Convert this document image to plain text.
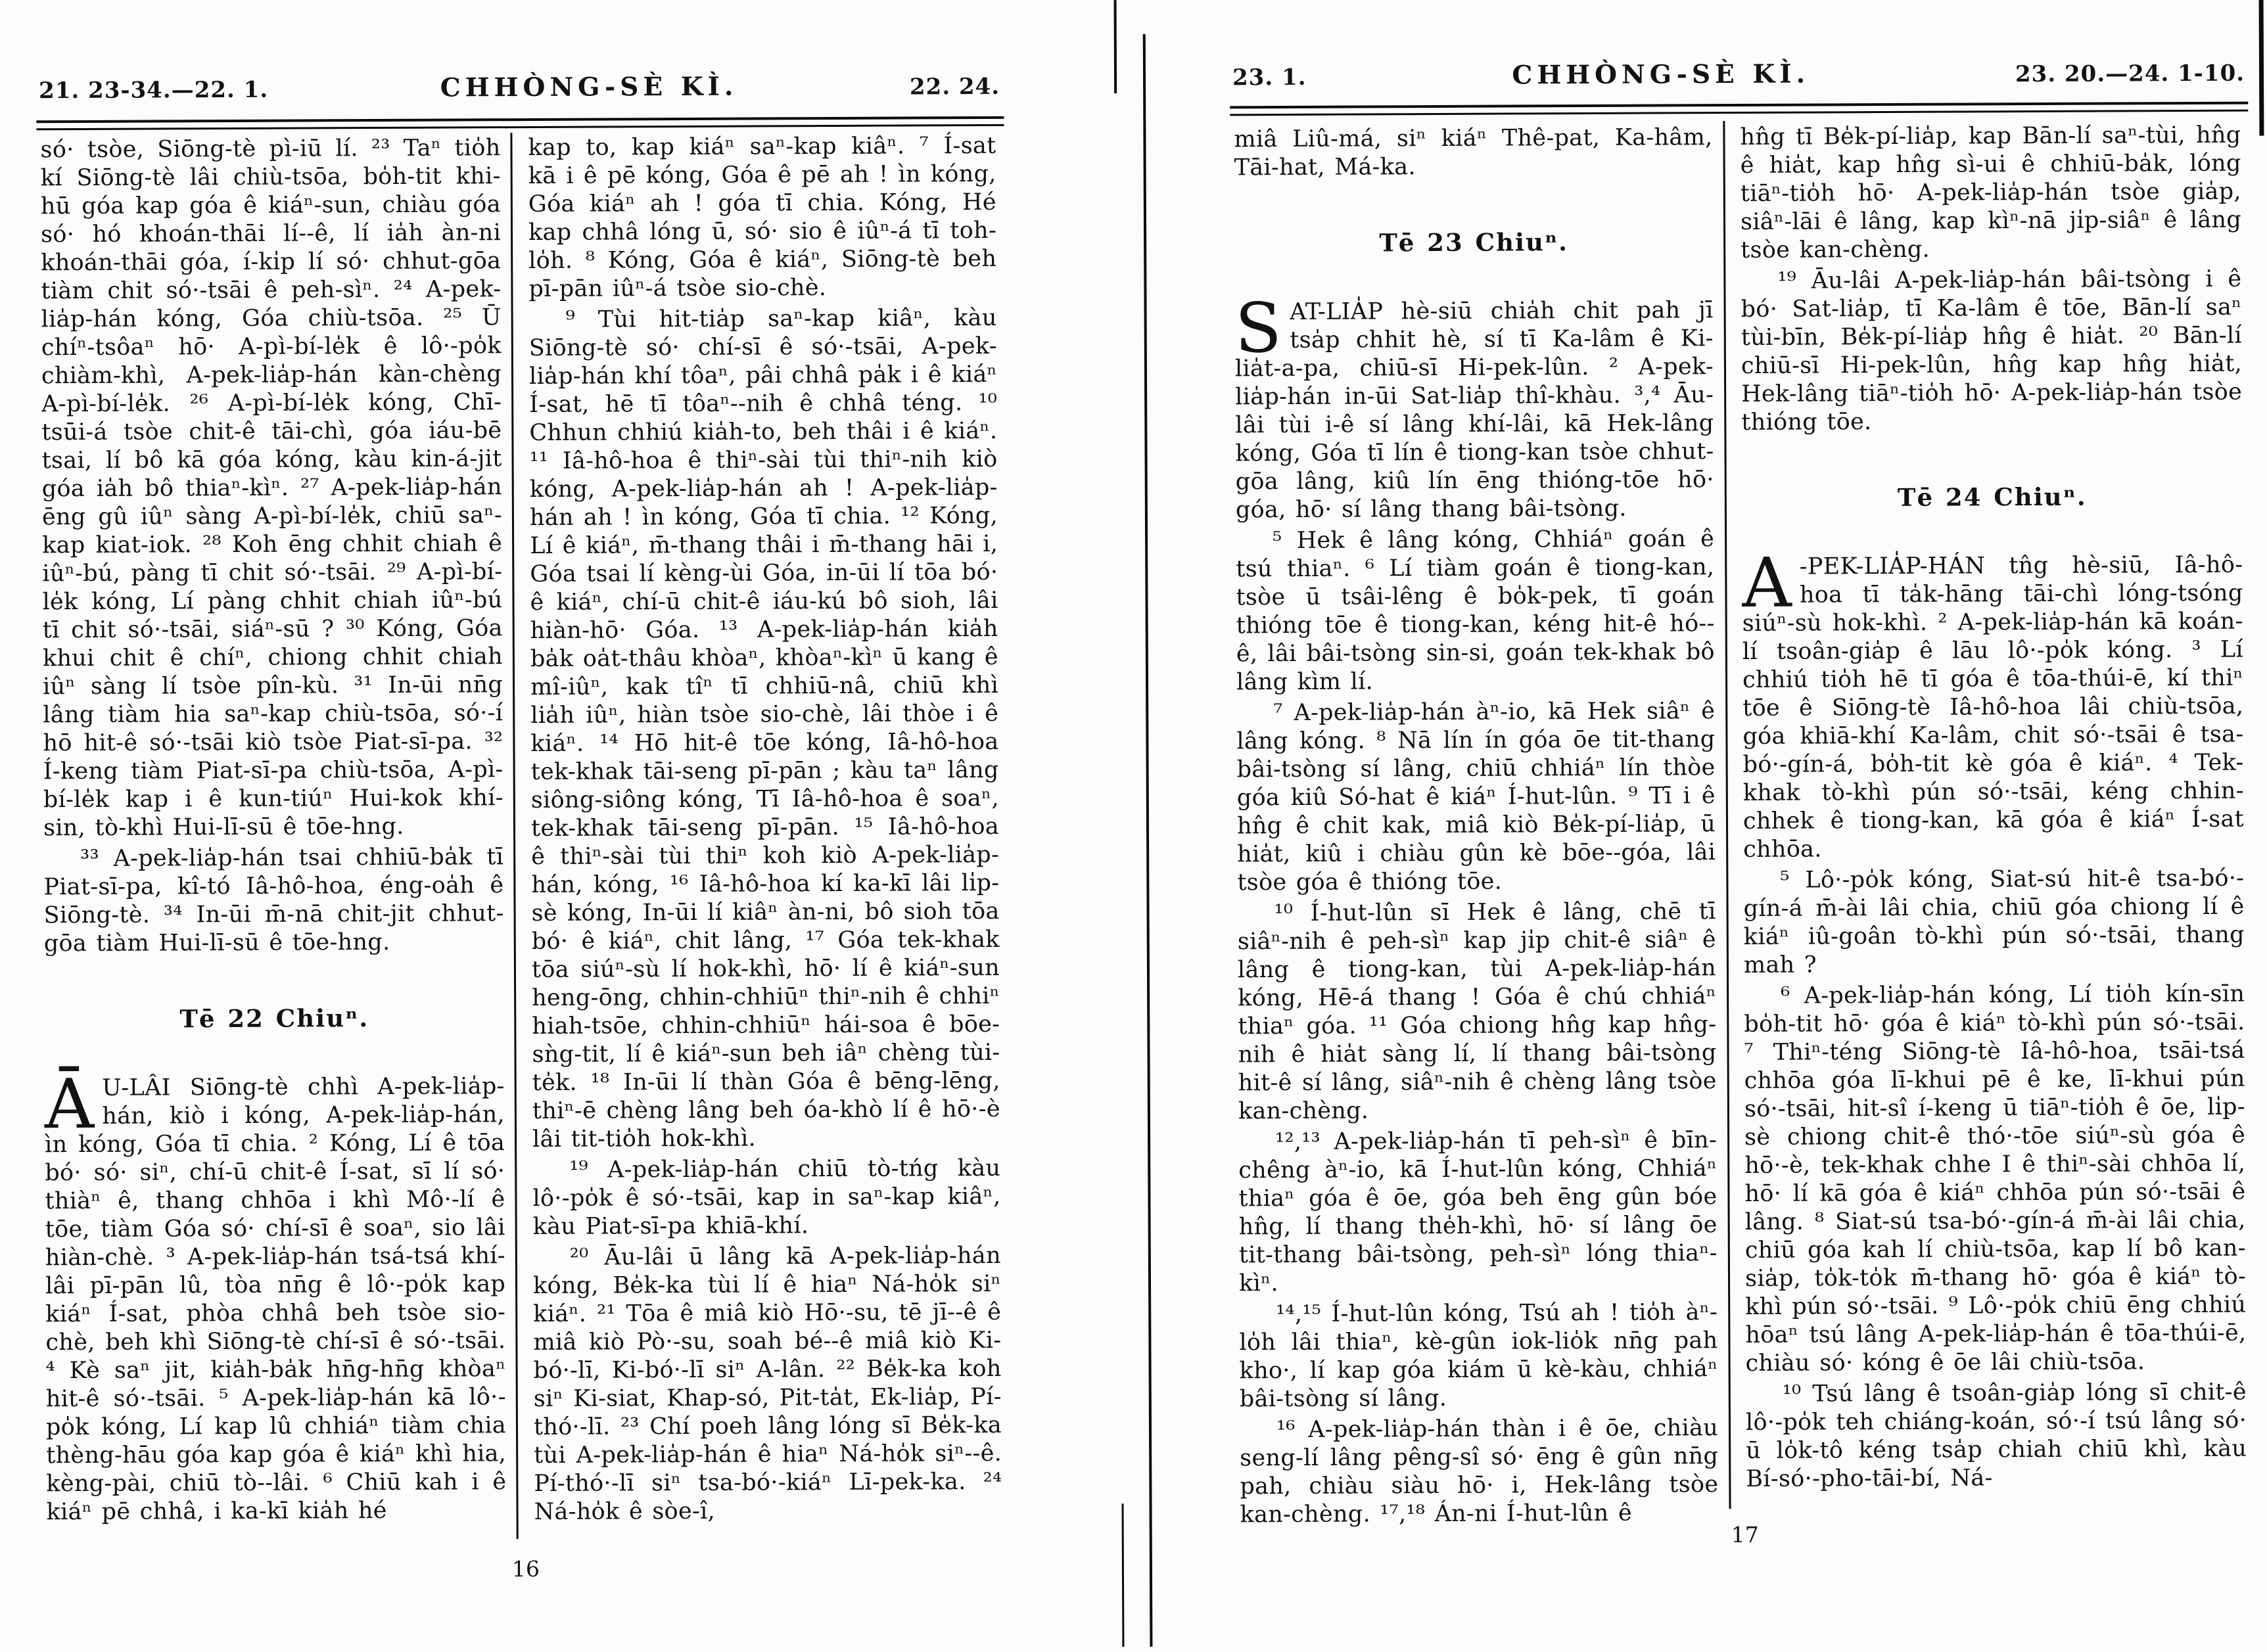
21. 23-34.—22. 1.	CHHÒNG-SÈ KÌ.	22. 24.	23. 1.	CHHÒNG-SÈ KÌ.	23. 20.—24. 1-10.

só· tsòe, Siōng-tè pì-iū lí. ²³ Taⁿ tio̍h kí Siōng-tè lâi chiù-tsōa, bo̍h-tit khi-hū góa kap góa ê kiáⁿ-sun, chiàu góa só· hó khoán-thāi lí--ê, lí ia̍h àn-ni khoán-thāi góa, í-ki̍p lí só· chhut-gōa tiàm chit só·-tsāi ê peh-sìⁿ. ²⁴ A-pek-lia̍p-hán kóng, Góa chiù-tsōa. ²⁵ Ū chíⁿ-tsôaⁿ hō· A-pì-bí-le̍k ê lô·-po̍k chiàm-khì, A-pek-lia̍p-hán kàn-chèng A-pì-bí-le̍k. ²⁶ A-pì-bí-le̍k kóng, Chī-tsūi-á tsòe chit-ê tāi-chì, góa iáu-bē tsai, lí bô kā góa kóng, kàu kin-á-jit góa ia̍h bô thiaⁿ-kìⁿ. ²⁷ A-pek-lia̍p-hán ēng gû iûⁿ sàng A-pì-bí-le̍k, chiū saⁿ-kap kiat-iok. ²⁸ Koh ēng chhit chiah ê iûⁿ-bú, pàng tī chit só·-tsāi. ²⁹ A-pì-bí-le̍k kóng, Lí pàng chhit chiah iûⁿ-bú tī chit só·-tsāi, siáⁿ-sū ? ³⁰ Kóng, Góa khui chit ê chíⁿ, chiong chhit chiah iûⁿ sàng lí tsòe pîn-kù. ³¹ In-ūi nn̄g lâng tiàm hia saⁿ-kap chiù-tsōa, só·-í hō hit-ê só·-tsāi kiò tsòe Piat-sī-pa. ³² Í-keng tiàm Piat-sī-pa chiù-tsōa, A-pì-bí-le̍k kap i ê kun-tiúⁿ Hui-kok khí-sin, tò-khì Hui-lī-sū ê tōe-hng.

³³ A-pek-lia̍p-hán tsai chhiū-ba̍k tī Piat-sī-pa, kî-tó Iâ-hô-hoa, éng-oa̍h ê Siōng-tè. ³⁴ In-ūi m̄-nā chit-jit chhut-gōa tiàm Hui-lī-sū ê tōe-hng.

Tē 22 Chiuⁿ.

Ā U-LÂI Siōng-tè chhì A-pek-lia̍p-hán, kiò i kóng, A-pek-lia̍p-hán, ìn kóng, Góa tī chia. ² Kóng, Lí ê tōa bó· só· siⁿ, chí-ū chit-ê Í-sat, sī lí só· thiàⁿ ê, thang chhōa i khì Mô·-lí ê tōe, tiàm Góa só· chí-sī ê soaⁿ, sio lâi hiàn-chè. ³ A-pek-lia̍p-hán tsá-tsá khí-lâi pī-pān lû, tòa nn̄g ê lô·-po̍k kap kiáⁿ Í-sat, phòa chhâ beh tsòe sio-chè, beh khì Siōng-tè chí-sī ê só·-tsāi. ⁴ Kè saⁿ jit, kia̍h-ba̍k hn̄g-hn̄g khòaⁿ hit-ê só·-tsāi. ⁵ A-pek-lia̍p-hán kā lô·-po̍k kóng, Lí kap lû chhiáⁿ tiàm chia thèng-hāu góa kap góa ê kiáⁿ khì hia, kèng-pài, chiū tò--lâi. ⁶ Chiū kah i ê kiáⁿ pē chhâ, i ka-kī kia̍h hé

kap to, kap kiáⁿ saⁿ-kap kiâⁿ. ⁷ Í-sat kā i ê pē kóng, Góa ê pē ah ! ìn kóng, Góa kiáⁿ ah ! góa tī chia. Kóng, Hé kap chhâ lóng ū, só· sio ê iûⁿ-á tī toh-lo̍h. ⁸ Kóng, Góa ê kiáⁿ, Siōng-tè beh pī-pān iûⁿ-á tsòe sio-chè.

⁹ Tùi hit-tia̍p saⁿ-kap kiâⁿ, kàu Siōng-tè só· chí-sī ê só·-tsāi, A-pek-lia̍p-hán khí tôaⁿ, pâi chhâ pa̍k i ê kiáⁿ Í-sat, hē tī tôaⁿ--nih ê chhâ téng. ¹⁰ Chhun chhiú kia̍h-to, beh thâi i ê kiáⁿ. ¹¹ Iâ-hô-hoa ê thiⁿ-sài tùi thiⁿ-nih kiò kóng, A-pek-lia̍p-hán ah ! A-pek-lia̍p-hán ah ! ìn kóng, Góa tī chia. ¹² Kóng, Lí ê kiáⁿ, m̄-thang thâi i m̄-thang hāi i, Góa tsai lí kèng-ùi Góa, in-ūi lí tōa bó· ê kiáⁿ, chí-ū chit-ê iáu-kú bô sioh, lâi hiàn-hō· Góa. ¹³ A-pek-lia̍p-hán kia̍h ba̍k oa̍t-thâu khòaⁿ, khòaⁿ-kìⁿ ū kang ê mî-iûⁿ, kak tîⁿ tī chhiū-nâ, chiū khì lia̍h iûⁿ, hiàn tsòe sio-chè, lâi thòe i ê kiáⁿ. ¹⁴ Hō hit-ê tōe kóng, Iâ-hô-hoa tek-khak tāi-seng pī-pān ; kàu taⁿ lâng siông-siông kóng, Tī Iâ-hô-hoa ê soaⁿ, tek-khak tāi-seng pī-pān. ¹⁵ Iâ-hô-hoa ê thiⁿ-sài tùi thiⁿ koh kiò A-pek-lia̍p-hán, kóng, ¹⁶ Iâ-hô-hoa kí ka-kī lâi li̍p-sè kóng, In-ūi lí kiâⁿ àn-ni, bô sioh tōa bó· ê kiáⁿ, chit lâng, ¹⁷ Góa tek-khak tōa siúⁿ-sù lí hok-khì, hō· lí ê kiáⁿ-sun heng-ōng, chhin-chhiūⁿ thiⁿ-nih ê chhiⁿ hiah-tsōe, chhin-chhiūⁿ hái-soa ê bōe-sǹg-tit, lí ê kiáⁿ-sun beh iâⁿ chèng tùi-te̍k. ¹⁸ In-ūi lí thàn Góa ê bēng-lēng, thiⁿ-ē chèng lâng beh óa-khò lí ê hō·-è lâi tit-tio̍h hok-khì.

¹⁹ A-pek-lia̍p-hán chiū tò-tńg kàu lô·-po̍k ê só·-tsāi, kap in saⁿ-kap kiâⁿ, kàu Piat-sī-pa khiā-khí.

²⁰ Āu-lâi ū lâng kā A-pek-lia̍p-hán kóng, Be̍k-ka tùi lí ê hiaⁿ Ná-ho̍k siⁿ kiáⁿ. ²¹ Tōa ê miâ kiò Hō·-su, tē jī--ê ê miâ kiò Pò·-su, soah bé--ê miâ kiò Ki-bó·-lī, Ki-bó·-lī siⁿ A-lân. ²² Be̍k-ka koh siⁿ Ki-siat, Khap-só, Pit-ta̍t, Ek-lia̍p, Pí-thó·-lī. ²³ Chí poeh lâng lóng sī Be̍k-ka tùi A-pek-lia̍p-hán ê hiaⁿ Ná-ho̍k siⁿ--ê. Pí-thó·-lī siⁿ tsa-bó·-kiáⁿ Lī-pek-ka. ²⁴ Ná-ho̍k ê sòe-î,

miâ Liû-má, siⁿ kiáⁿ Thê-pat, Ka-hâm, Tāi-hat, Má-ka.

Tē 23 Chiuⁿ.

SAT-LIA̍P hè-siū chia̍h chit pah jī tsa̍p chhit hè, sí tī Ka-lâm ê Ki-lia̍t-a-pa, chiū-sī Hi-pek-lûn. ² A-pek-lia̍p-hán in-ūi Sat-lia̍p thî-khàu. ³,⁴ Āu-lâi tùi i-ê sí lâng khí-lâi, kā Hek-lâng kóng, Góa tī lín ê tiong-kan tsòe chhut-gōa lâng, kiû lín ēng thióng-tōe hō· góa, hō· sí lâng thang bâi-tsòng.

⁵ Hek ê lâng kóng, Chhiáⁿ goán ê tsú thiaⁿ. ⁶ Lí tiàm goán ê tiong-kan, tsòe ū tsâi-lêng ê bo̍k-pek, tī goán thióng tōe ê tiong-kan, kéng hit-ê hó--ê, lâi bâi-tsòng sin-si, goán tek-khak bô lâng kìm lí.

⁷ A-pek-lia̍p-hán àⁿ-io, kā Hek siâⁿ ê lâng kóng. ⁸ Nā lín ín góa ōe tit-thang bâi-tsòng sí lâng, chiū chhiáⁿ lín thòe góa kiû Só-hat ê kiáⁿ Í-hut-lûn. ⁹ Tī i ê hn̂g ê chit kak, miâ kiò Be̍k-pí-lia̍p, ū hia̍t, kiû i chiàu gûn kè bōe--góa, lâi tsòe góa ê thióng tōe.

¹⁰ Í-hut-lûn sī Hek ê lâng, chē tī siâⁿ-nih ê peh-sìⁿ kap ji̍p chit-ê siâⁿ ê lâng ê tiong-kan, tùi A-pek-lia̍p-hán kóng, Hē-á thang ! Góa ê chú chhiáⁿ thiaⁿ góa. ¹¹ Góa chiong hn̂g kap hn̂g-nih ê hia̍t sàng lí, lí thang bâi-tsòng hit-ê sí lâng, siâⁿ-nih ê chèng lâng tsòe kan-chèng.

¹²,¹³ A-pek-lia̍p-hán tī peh-sìⁿ ê bīn-chêng àⁿ-io, kā Í-hut-lûn kóng, Chhiáⁿ thiaⁿ góa ê ōe, góa beh ēng gûn bóe hn̂g, lí thang the̍h-khì, hō· sí lâng ōe tit-thang bâi-tsòng, peh-sìⁿ lóng thiaⁿ-kìⁿ.

¹⁴,¹⁵ Í-hut-lûn kóng, Tsú ah ! tio̍h àⁿ-lo̍h lâi thiaⁿ, kè-gûn iok-lio̍k nn̄g pah kho·, lí kap góa kiám ū kè-kàu, chhiáⁿ bâi-tsòng sí lâng.

¹⁶ A-pek-lia̍p-hán thàn i ê ōe, chiàu seng-lí lâng pêng-sî só· ēng ê gûn nn̄g pah, chiàu siàu hō· i, Hek-lâng tsòe kan-chèng. ¹⁷,¹⁸ Án-ni Í-hut-lûn ê

hn̂g tī Be̍k-pí-lia̍p, kap Bān-lí saⁿ-tùi, hn̂g ê hia̍t, kap hn̂g sì-ui ê chhiū-ba̍k, lóng tiāⁿ-tio̍h hō· A-pek-lia̍p-hán tsòe gia̍p, siâⁿ-lāi ê lâng, kap kìⁿ-nā ji̍p-siâⁿ ê lâng tsòe kan-chèng.

¹⁹ Āu-lâi A-pek-lia̍p-hán bâi-tsòng i ê bó· Sat-lia̍p, tī Ka-lâm ê tōe, Bān-lí saⁿ tùi-bīn, Be̍k-pí-lia̍p hn̂g ê hia̍t. ²⁰ Bān-lí chiū-sī Hi-pek-lûn, hn̂g kap hn̂g hia̍t, Hek-lâng tiāⁿ-tio̍h hō· A-pek-lia̍p-hán tsòe thióng tōe.

Tē 24 Chiuⁿ.

A -PEK-LIA̍P-HÁN tn̂g hè-siū, Iâ-hô-hoa tī ta̍k-hāng tāi-chì lóng-tsóng siúⁿ-sù hok-khì. ² A-pek-lia̍p-hán kā koán-lí tsoân-gia̍p ê lāu lô·-po̍k kóng. ³ Lí chhiú tio̍h hē tī góa ê tōa-thúi-ē, kí thiⁿ tōe ê Siōng-tè Iâ-hô-hoa lâi chiù-tsōa, góa khiā-khí Ka-lâm, chit só·-tsāi ê tsa-bó·-gín-á, bo̍h-tit kè góa ê kiáⁿ. ⁴ Tek-khak tò-khì pún só·-tsāi, kéng chhin-chhek ê tiong-kan, kā góa ê kiáⁿ Í-sat chhōa.

⁵ Lô·-po̍k kóng, Siat-sú hit-ê tsa-bó·-gín-á m̄-ài lâi chia, chiū góa chiong lí ê kiáⁿ iû-goân tò-khì pún só·-tsāi, thang mah ?

⁶ A-pek-lia̍p-hán kóng, Lí tio̍h kín-sīn bo̍h-tit hō· góa ê kiáⁿ tò-khì pún só·-tsāi. ⁷ Thiⁿ-téng Siōng-tè Iâ-hô-hoa, tsāi-tsá chhōa góa lī-khui pē ê ke, lī-khui pún só·-tsāi, hit-sî í-keng ū tiāⁿ-tio̍h ê ōe, li̍p-sè chiong chit-ê thó·-tōe siúⁿ-sù góa ê hō·-è, tek-khak chhe I ê thiⁿ-sài chhōa lí, hō· lí kā góa ê kiáⁿ chhōa pún só·-tsāi ê lâng. ⁸ Siat-sú tsa-bó·-gín-á m̄-ài lâi chia, chiū góa kah lí chiù-tsōa, kap lí bô kan-sia̍p, to̍k-to̍k m̄-thang hō· góa ê kiáⁿ tò-khì pún só·-tsāi. ⁹ Lô·-po̍k chiū ēng chhiú hōaⁿ tsú lâng A-pek-lia̍p-hán ê tōa-thúi-ē, chiàu só· kóng ê ōe lâi chiù-tsōa.

¹⁰ Tsú lâng ê tsoân-gia̍p lóng sī chit-ê lô·-po̍k teh chiáng-koán, só·-í tsú lâng só· ū lo̍k-tô kéng tsa̍p chiah chiū khì, kàu Bí-só·-pho-tāi-bí, Ná-

16
17
